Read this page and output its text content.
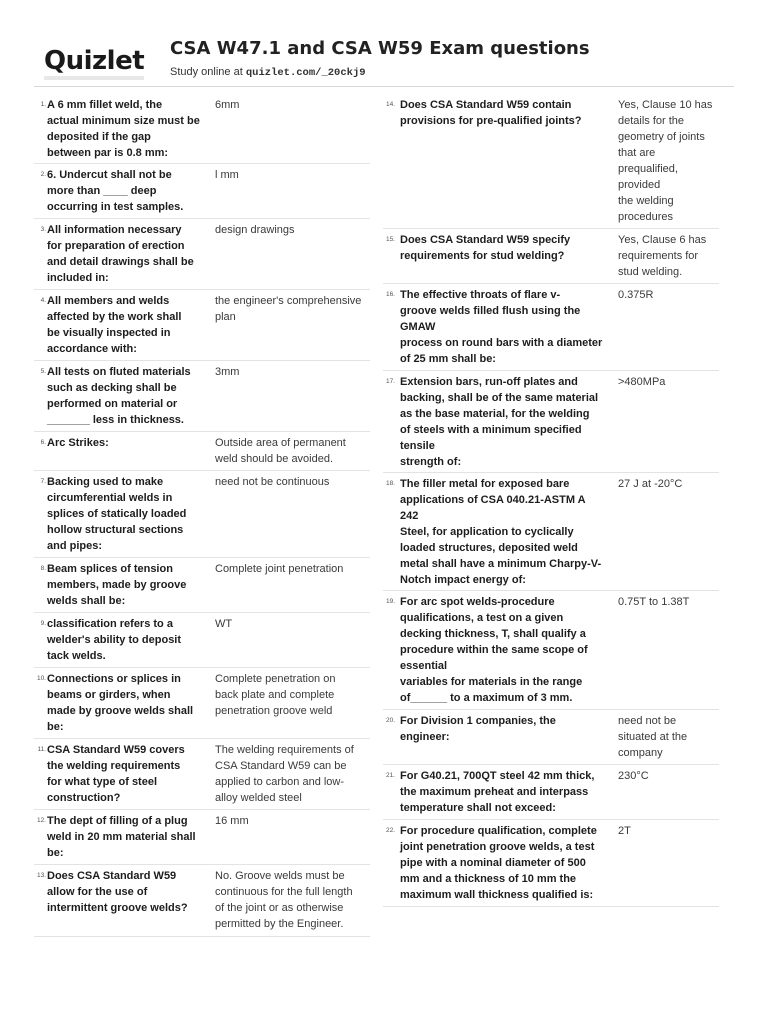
Quizlet CSA W47.1 and CSA W59 Exam questions
Study online at quizlet.com/_20ckj9
1. A 6 mm fillet weld, the
actual minimum size must be
deposited if the gap
between par is 0.8 mm:
6mm
2. 6. Undercut shall not be
more than ____ deep
occurring in test samples.
l mm
3. All information necessary
for preparation of erection
and detail drawings shall be
included in:
design drawings
4. All members and welds
affected by the work shall
be visually inspected in
accordance with:
the engineer's comprehensive
plan
5. All tests on fluted materials
such as decking shall be
performed on material or
_______ less in thickness.
3mm
6. Arc Strikes:	Outside area of permanent
weld should be avoided.
7. Backing used to make
circumferential welds in
splices of statically loaded
hollow structural sections
and pipes:
need not be continuous
8. Beam splices of tension
members, made by groove
welds shall be:
Complete joint penetration
9. classification refers to a
welder's ability to deposit
tack welds.
WT
10. Connections or splices in
beams or girders, when
made by groove welds shall
be:
Complete penetration on
back plate and complete
penetration groove weld
11. CSA Standard W59 covers
the welding requirements
for what type of steel
construction?
The welding requirements of
CSA Standard W59 can be
applied to carbon and low-
alloy welded steel
12. The dept of filling of a plug
weld in 20 mm material shall
be:
16 mm
13. Does CSA Standard W59
allow for the use of
intermittent groove welds?
No. Groove welds must be
continuous for the full length
of the joint or as otherwise
permitted by the Engineer.
14. Does CSA Standard W59 contain
provisions for pre-qualified joints?
Yes, Clause 10 has
details for the
geometry of joints
that are
prequalified,
provided
the welding
procedures
15. Does CSA Standard W59 specify
requirements for stud welding?
Yes, Clause 6 has
requirements for
stud welding.
16. The effective throats of flare v-
groove welds filled flush using the
GMAW
process on round bars with a diameter
of 25 mm shall be:
0.375R
17. Extension bars, run-off plates and
backing, shall be of the same material
as the base material, for the welding
of steels with a minimum specified
tensile
strength of:
>480MPa
18. The filler metal for exposed bare
applications of CSA 040.21-ASTM A
242
Steel, for application to cyclically
loaded structures, deposited weld
metal shall have a minimum Charpy-V-
Notch impact energy of:
27 J at -20°C
19. For arc spot welds-procedure
qualifications, a test on a given
decking thickness, T, shall qualify a
procedure within the same scope of
essential
variables for materials in the range
of______ to a maximum of 3 mm.
0.75T to 1.38T
20. For Division 1 companies, the
engineer:
need not be
situated at the
company
21. For G40.21, 700QT steel 42 mm thick,
the maximum preheat and interpass
temperature shall not exceed:
230°C
22. For procedure qualification, complete
joint penetration groove welds, a test
pipe with a nominal diameter of 500
mm and a thickness of 10 mm the
maximum wall thickness qualified is:
2T
